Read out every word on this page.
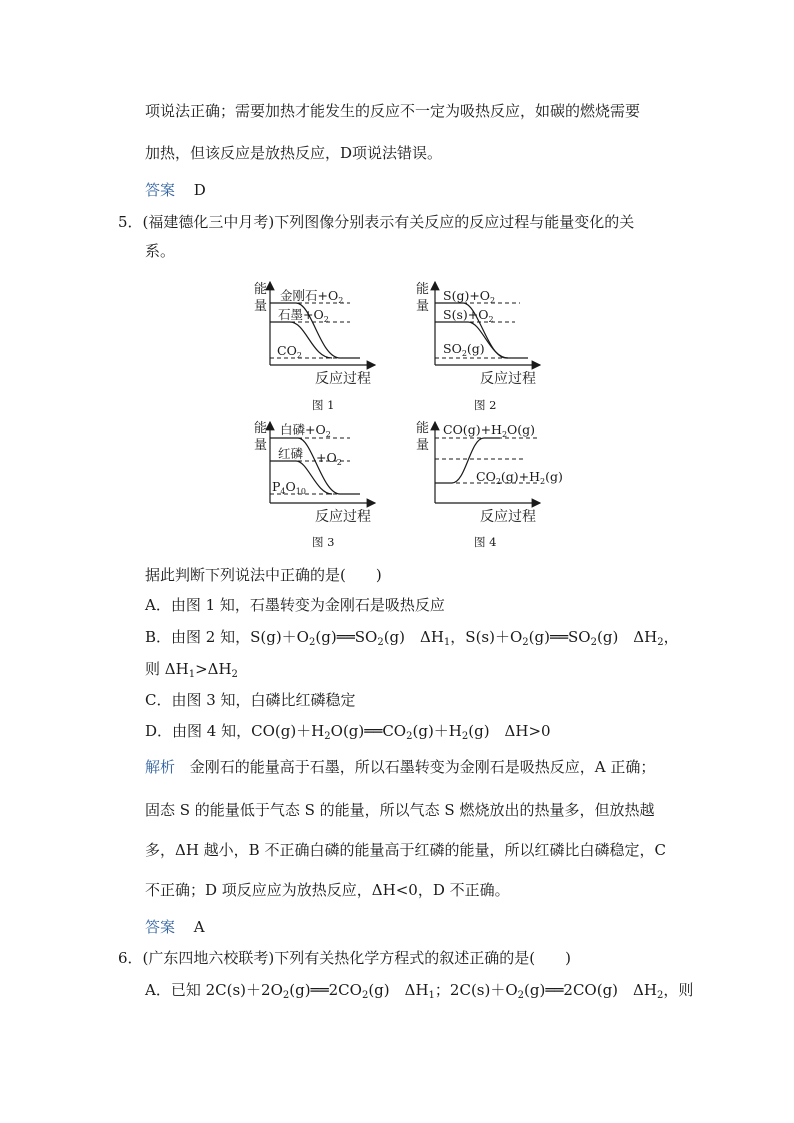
项说法正确；需要加热才能发生的反应不一定为吸热反应，如碳的燃烧需要
加热，但该反应是放热反应，D项说法错误。
答案 D
5．(福建德化三中月考)下列图像分别表示有关反应的反应过程与能量变化的关
系。
能
量
反应过程
金刚石$+O_2$
石墨$+O_2$
$CO_2$
图 1
能
量
反应过程
$S(g)+O_2$
$S(s)+O_2$
$SO_2(g)$
图 2
能
量
反应过程
白磷$+O_2$
红磷 $+O_2$
$P_4O_{10}$
图 3
能
量
反应过程
$CO(g)+H_2O(g)$
$CO_2(g)+H_2(g)$
图 4
据此判断下列说法中正确的是(　　)
A．由图 1 知，石墨转变为金刚石是吸热反应
B．由图 2 知，$S(g)+O_2(g)══SO_2(g)$　$\Delta H_1$，$S(s)+O_2(g)══SO_2(g)$　$\Delta H_2$，
则 $\Delta H_1>\Delta H_2$
C．由图 3 知，白磷比红磷稳定
D．由图 4 知，$CO(g)+H_2O(g)══CO_2(g)+H_2(g)$　ΔH>0
解析 金刚石的能量高于石墨，所以石墨转变为金刚石是吸热反应，A 正确；
固态 S 的能量低于气态 S 的能量，所以气态 S 燃烧放出的热量多，但放热越
多，ΔH 越小，B 不正确白磷的能量高于红磷的能量，所以红磷比白磷稳定，C
不正确；D 项反应应为放热反应，ΔH<0，D 不正确。
答案 A
6．(广东四地六校联考)下列有关热化学方程式的叙述正确的是(　　)
A．已知 $2C(s)+2O_2(g)══2CO_2(g)$　$\Delta H_1$；$2C(s)+O_2(g)══2CO(g)$　$\Delta H_2$，则
